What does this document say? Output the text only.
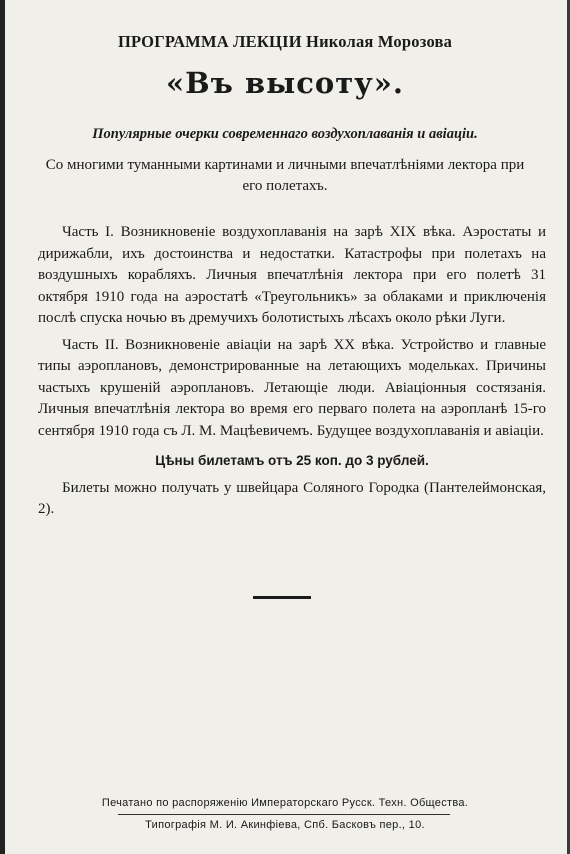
ПРОГРАММА ЛЕКЦІИ Николая Морозова
«Въ высоту».
Популярные очерки современнаго воздухоплаванія и авіаціи.
Со многими туманными картинами и личными впечатлѣніями лектора при его полетахъ.

Часть I. Возникновеніе воздухоплаванія на зарѣ XIX вѣка. Аэростаты и дирижабли, ихъ достоинства и недостатки. Катастрофы при полетахъ на воздушныхъ корабляхъ. Личныя впечатлѣнія лектора при его полетѣ 31 октября 1910 года на аэростатѣ «Треугольникъ» за облаками и приключенія послѣ спуска ночью въ дремучихъ болотистыхъ лѣсахъ около рѣки Луги.

Часть II. Возникновеніе авіаціи на зарѣ XX вѣка. Устройство и главные типы аэроплановъ, демонстрированные на летающихъ модельках. Причины частыхъ крушеній аэроплановъ. Летающіе люди. Авіаціонныя состязанія. Личныя впечатлѣнія лектора во время его перваго полета на аэропланѣ 15-го сентября 1910 года съ Л. М. Мацѣевичемъ. Будущее воздухоплаванія и авіаціи.

Цѣны билетамъ отъ 25 коп. до 3 рублей.

Билеты можно получать у швейцара Соляного Городка (Пантелеймонская, 2).

Печатано по распоряженію Императорскаго Русск. Техн. Общества.
Типографія М. И. Акинфіева, Спб. Басковъ пер., 10.
